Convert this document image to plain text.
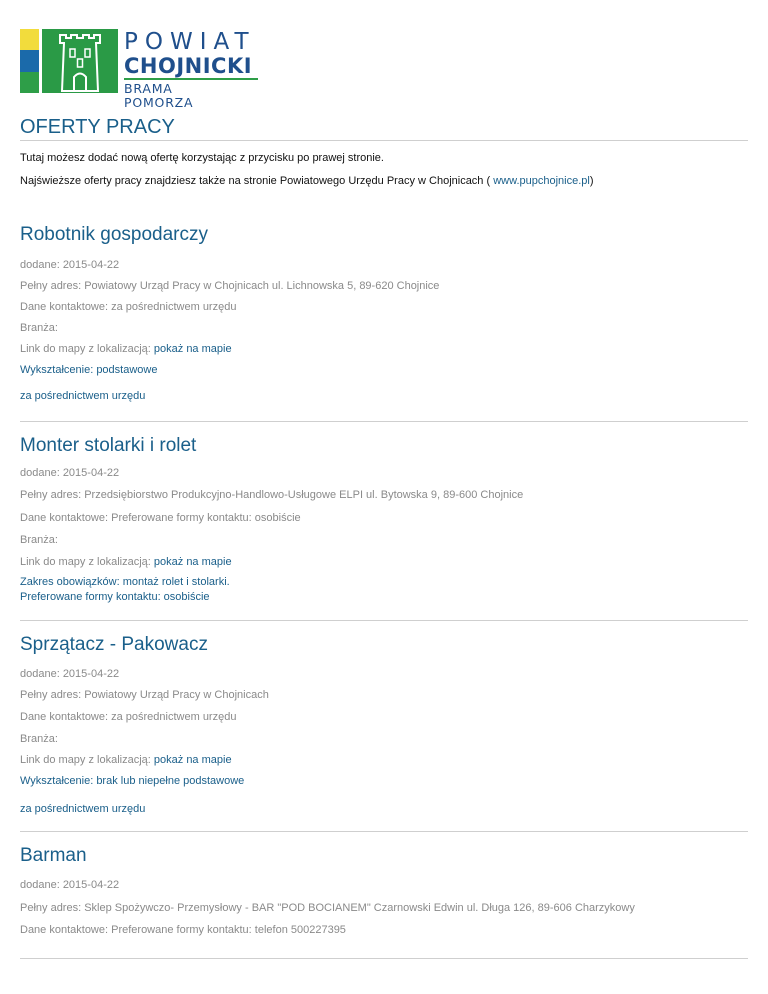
POWIAT
CHOJNICKI
BRAMA POMORZA
OFERTY PRACY

Tutaj możesz dodać nową ofertę korzystając z przycisku po prawej stronie.

Najświeższe oferty pracy znajdziesz także na stronie Powiatowego Urzędu Pracy w Chojnicach ( www.pupchojnice.pl)

Robotnik gospodarczy

dodane: 2015-04-22

Pełny adres: Powiatowy Urząd Pracy w Chojnicach ul. Lichnowska 5, 89-620 Chojnice

Dane kontaktowe: za pośrednictwem urzędu

Branża:

Link do mapy z lokalizacją: pokaż na mapie

Wykształcenie: podstawowe

za pośrednictwem urzędu

Monter stolarki i rolet

dodane: 2015-04-22

Pełny adres: Przedsiębiorstwo Produkcyjno-Handlowo-Usługowe ELPI ul. Bytowska 9, 89-600 Chojnice

Dane kontaktowe: Preferowane formy kontaktu: osobiście

Branża:

Link do mapy z lokalizacją: pokaż na mapie

Zakres obowiązków: montaż rolet i stolarki.

Preferowane formy kontaktu: osobiście

Sprzątacz - Pakowacz

dodane: 2015-04-22

Pełny adres: Powiatowy Urząd Pracy w Chojnicach

Dane kontaktowe: za pośrednictwem urzędu

Branża:

Link do mapy z lokalizacją: pokaż na mapie

Wykształcenie: brak lub niepełne podstawowe

za pośrednictwem urzędu

Barman

dodane: 2015-04-22

Pełny adres: Sklep Spożywczo- Przemysłowy - BAR "POD BOCIANEM" Czarnowski Edwin ul. Długa 126, 89-606 Charzykowy

Dane kontaktowe: Preferowane formy kontaktu: telefon 500227395
